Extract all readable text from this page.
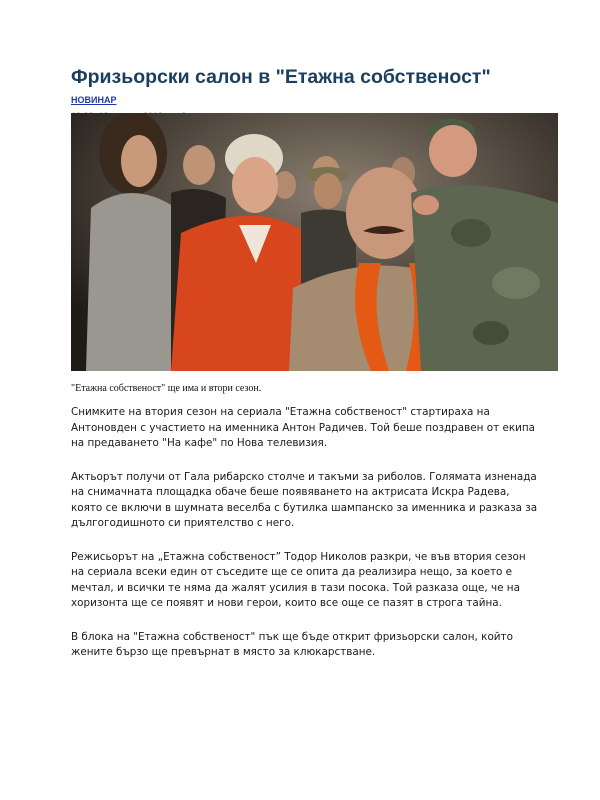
Фризьорски салон в "Етажна собственост"
НОВИНАР

"Етажна собственост" ще има и втори сезон.

Снимките на втория сезон на сериала "Етажна собственост" стартираха на Антоновден с участието на именника Антон Радичев. Той беше поздравен от екипа на предаването "На кафе" по Нова телевизия.

Актьорът получи от Гала рибарско столче и такъми за риболов. Голямата изненада на снимачната площадка обаче беше появяването на актрисата Искра Радева, която се включи в шумната веселба с бутилка шампанско за именника и разказа за дългогодишното си приятелство с него.

Режисьорът на „Етажна собственост” Тодор Николов разкри, че във втория сезон на сериала всеки един от съседите ще се опита да реализира нещо, за което е мечтал, и всички те няма да жалят усилия в тази посока. Той разказа още, че на хоризонта ще се появят и нови герои, които все още се пазят в строга тайна.

В блока на "Етажна собственост" пък ще бъде открит фризьорски салон, който жените бързо ще превърнат в място за клюкарстване.
